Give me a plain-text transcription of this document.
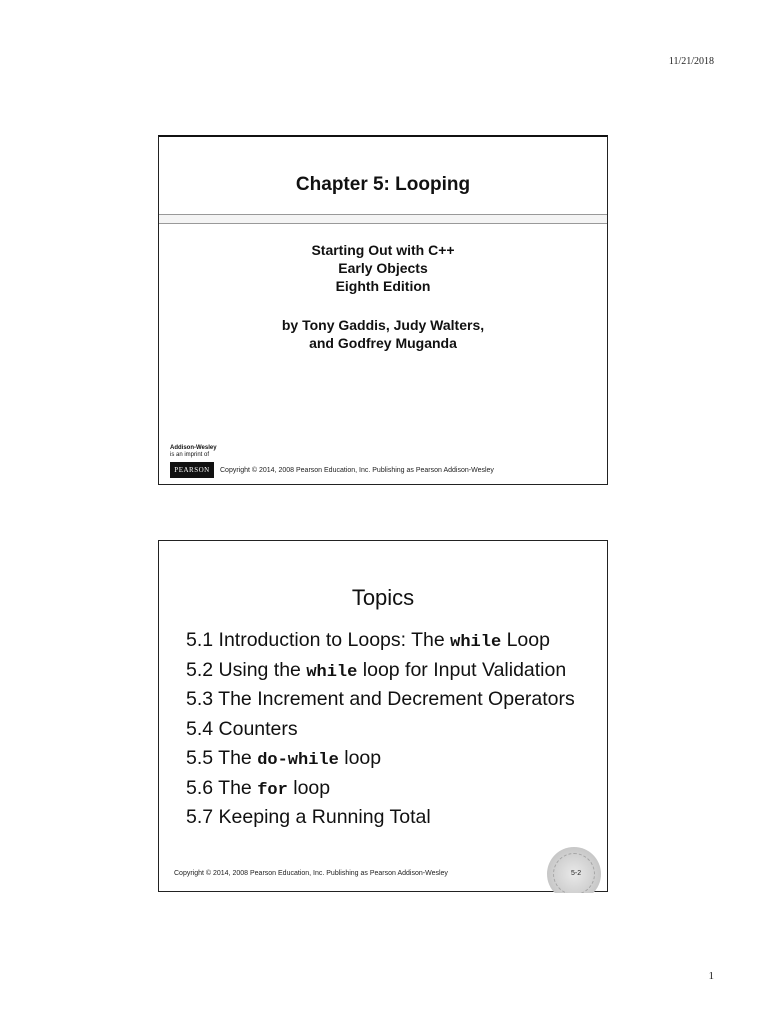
11/21/2018
Chapter 5: Looping
Starting Out with C++
Early Objects
Eighth Edition
by Tony Gaddis, Judy Walters,
and Godfrey Muganda
Addison-Wesley
is an imprint of
PEARSON	Copyright © 2014, 2008 Pearson Education, Inc. Publishing as Pearson Addison-Wesley
Topics
5.1 Introduction to Loops: The while Loop
5.2 Using the while loop for Input Validation
5.3 The Increment and Decrement Operators
5.4 Counters
5.5 The do-while loop
5.6 The for loop
5.7 Keeping a Running Total
Copyright © 2014, 2008 Pearson Education, Inc. Publishing as Pearson Addison-Wesley	5-2
1
